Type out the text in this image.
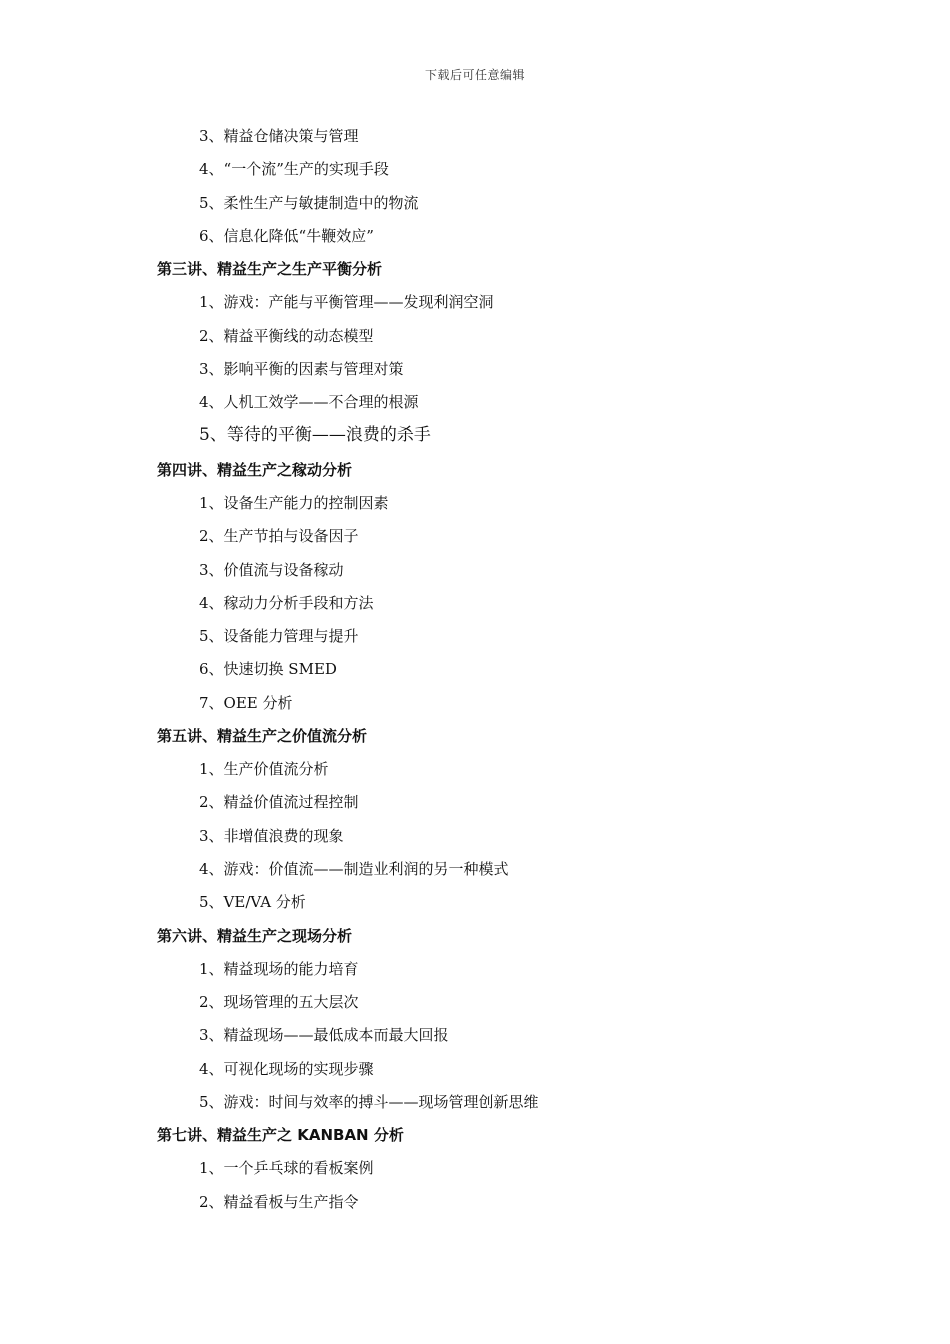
下载后可任意编辑
3、精益仓储决策与管理
4、“一个流”生产的实现手段
5、柔性生产与敏捷制造中的物流
6、信息化降低“牛鞭效应”
第三讲、精益生产之生产平衡分析
1、游戏：产能与平衡管理——发现利润空洞
2、精益平衡线的动态模型
3、影响平衡的因素与管理对策
4、人机工效学——不合理的根源
5、等待的平衡——浪费的杀手
第四讲、精益生产之稼动分析
1、设备生产能力的控制因素
2、生产节拍与设备因子
3、价值流与设备稼动
4、稼动力分析手段和方法
5、设备能力管理与提升
6、快速切换 SMED
7、OEE 分析
第五讲、精益生产之价值流分析
1、生产价值流分析
2、精益价值流过程控制
3、非增值浪费的现象
4、游戏：价值流——制造业利润的另一种模式
5、VE/VA 分析
第六讲、精益生产之现场分析
1、精益现场的能力培育
2、现场管理的五大层次
3、精益现场——最低成本而最大回报
4、可视化现场的实现步骤
5、游戏：时间与效率的搏斗——现场管理创新思维
第七讲、精益生产之 KANBAN 分析
1、一个乒乓球的看板案例
2、精益看板与生产指令
